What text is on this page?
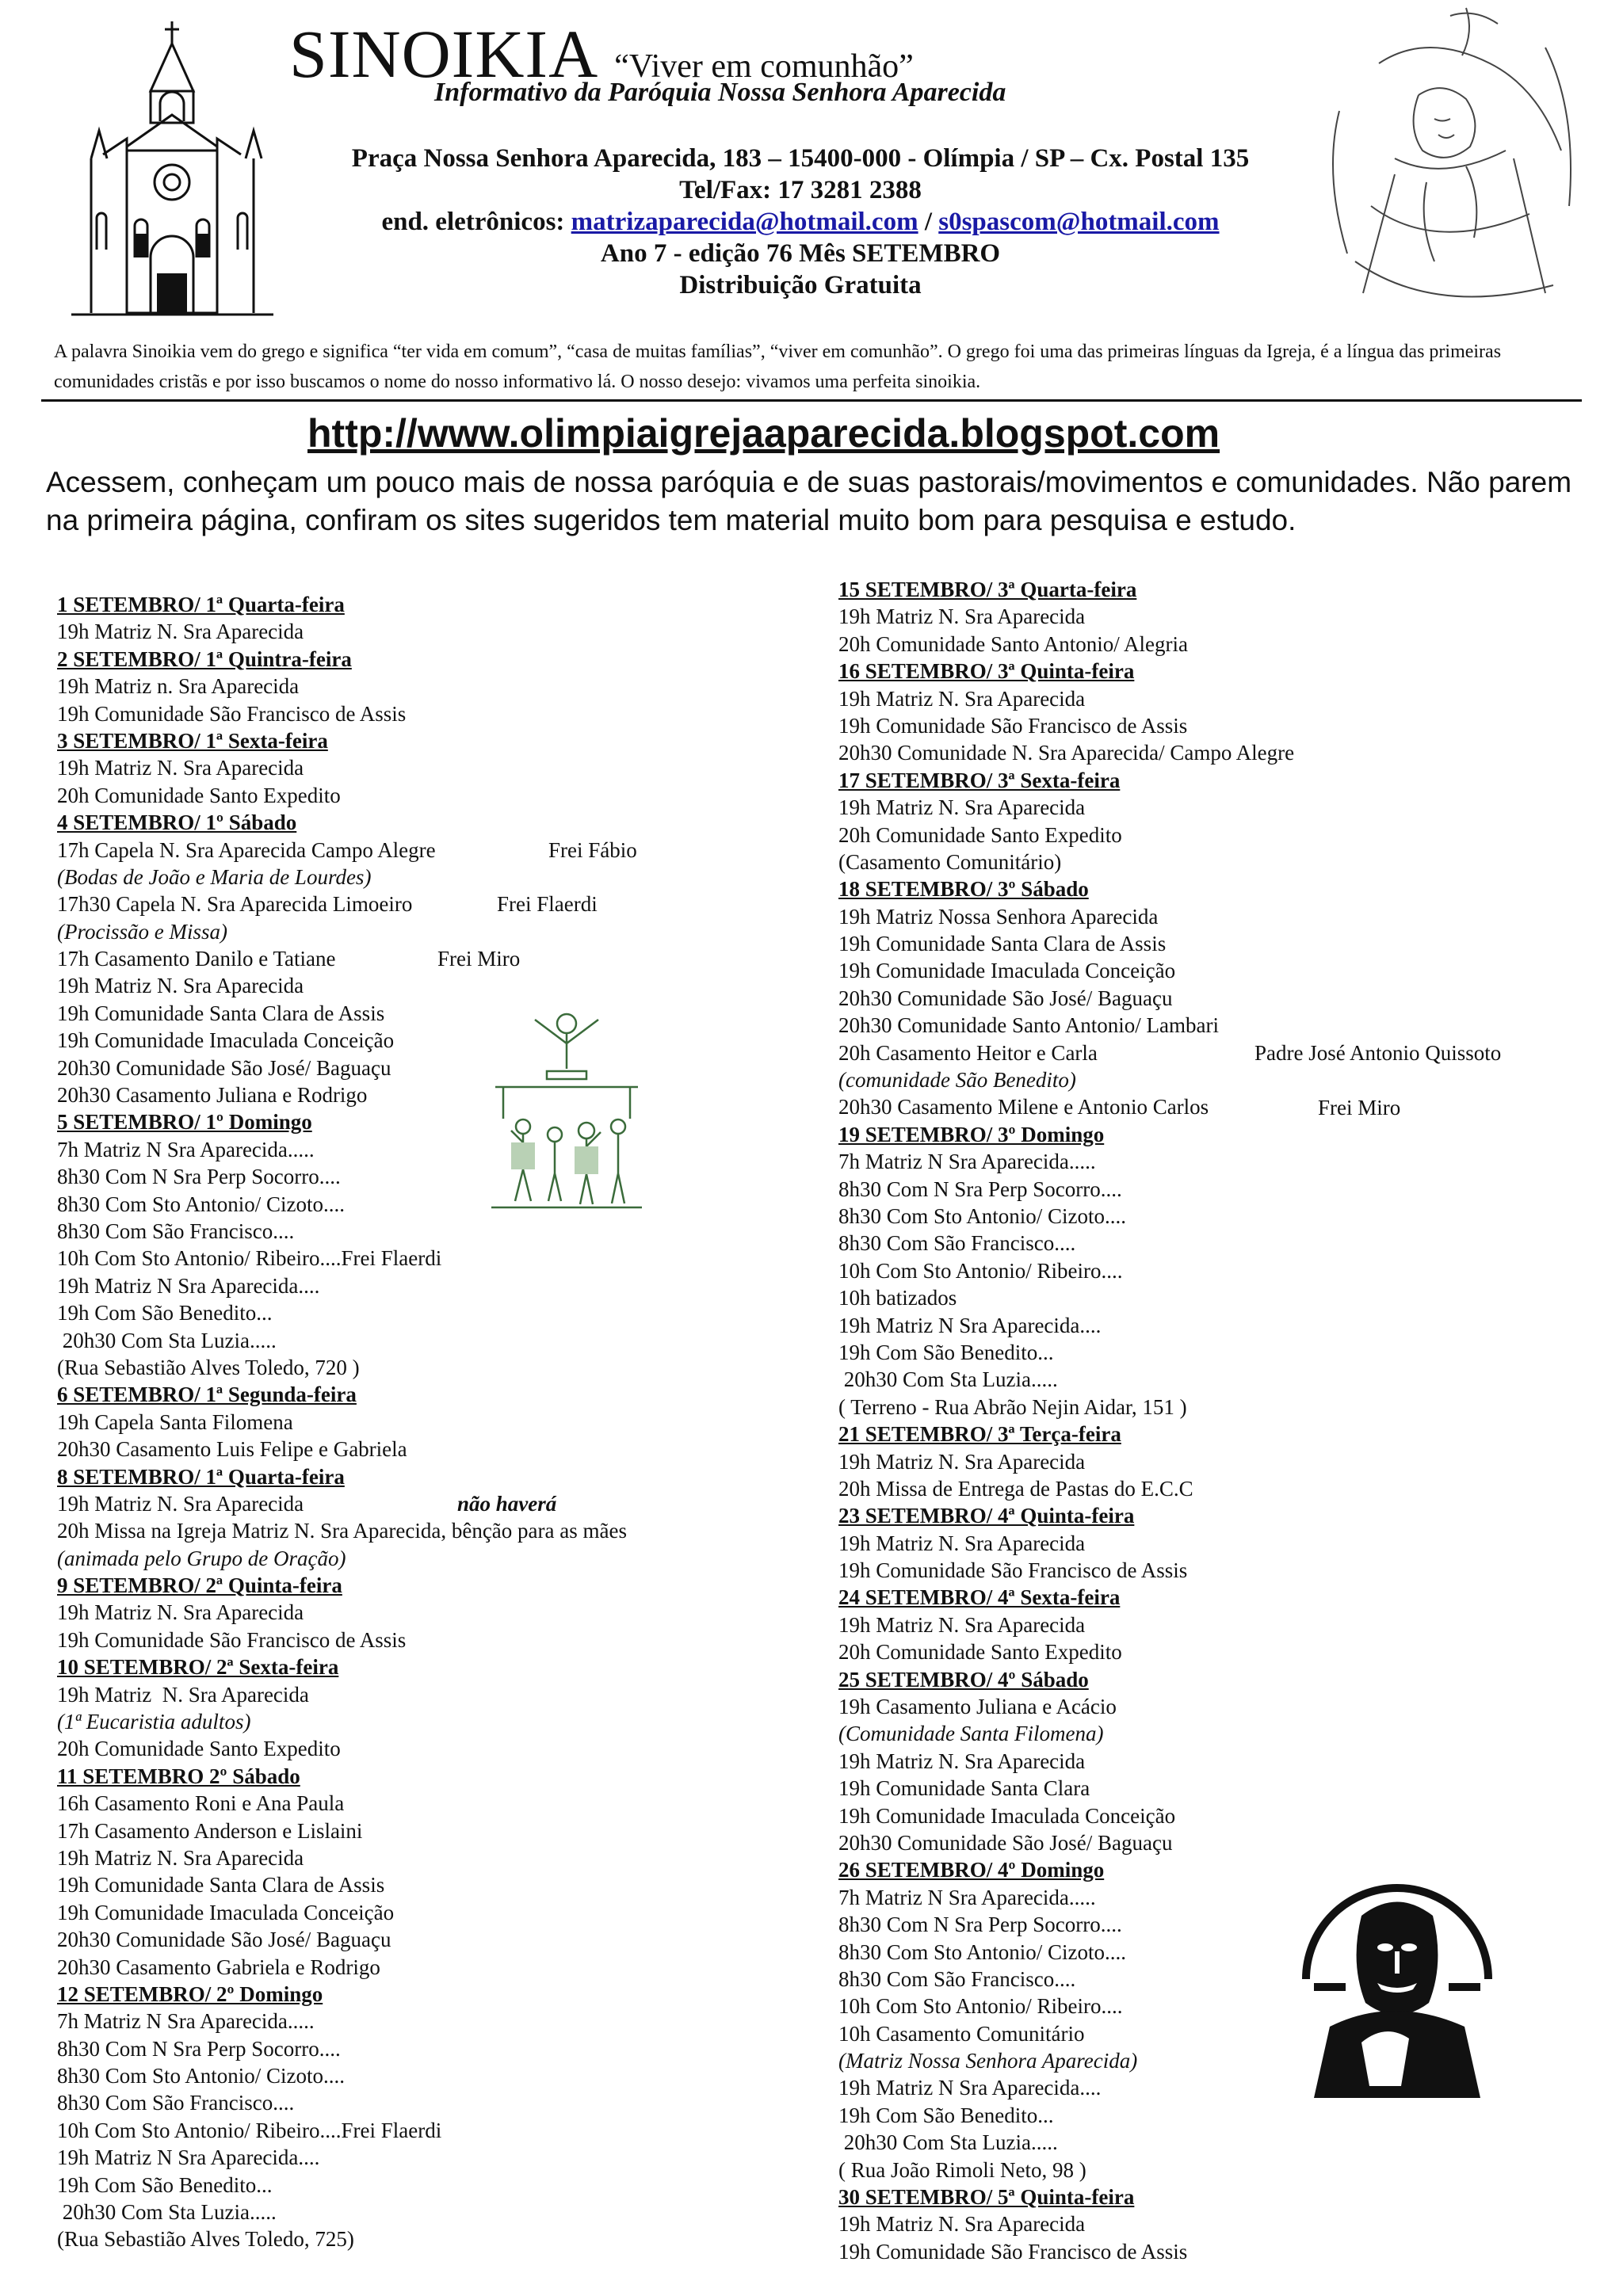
SINOIKIA “Viver em comunhão”
Informativo da Paróquia Nossa Senhora Aparecida
Praça Nossa Senhora Aparecida, 183 – 15400-000 - Olímpia / SP – Cx. Postal 135
Tel/Fax: 17 3281 2388
end. eletrônicos: matrizaparecida@hotmail.com / s0spascom@hotmail.com
Ano 7 - edição 76 Mês SETEMBRO
Distribuição Gratuita
A palavra Sinoikia vem do grego e significa “ter vida em comum”, “casa de muitas famílias”, “viver em comunhão”. O grego foi uma das primeiras línguas da Igreja, é a língua das primeiras comunidades cristãs e por isso buscamos o nome do nosso informativo lá. O nosso desejo: vivamos uma perfeita sinoikia.
http://www.olimpiaigrejaaparecida.blogspot.com
Acessem, conheçam um pouco mais de nossa paróquia e de suas pastorais/movimentos e comunidades. Não parem na primeira página, confiram os sites sugeridos tem material muito bom para pesquisa e estudo.
1 SETEMBRO/ 1ª Quarta-feira
19h Matriz N. Sra Aparecida
2 SETEMBRO/ 1ª Quintra-feira
19h Matriz n. Sra Aparecida
19h Comunidade São Francisco de Assis
3 SETEMBRO/ 1ª Sexta-feira
19h Matriz N. Sra Aparecida
20h Comunidade Santo Expedito
4 SETEMBRO/ 1º Sábado
17h Capela N. Sra Aparecida Campo Alegre	Frei Fábio
(Bodas de João e Maria de Lourdes)
17h30 Capela N. Sra Aparecida Limoeiro	Frei Flaerdi
(Procissão e Missa)
17h Casamento Danilo e Tatiane	Frei Miro
19h Matriz N. Sra Aparecida
19h Comunidade Santa Clara de Assis
19h Comunidade Imaculada Conceição
20h30 Comunidade São José/ Baguaçu
20h30 Casamento Juliana e Rodrigo
5 SETEMBRO/ 1º Domingo
7h Matriz N Sra Aparecida.....
8h30 Com N Sra Perp Socorro....
8h30 Com Sto Antonio/ Cizoto....
8h30 Com São Francisco....
10h Com Sto Antonio/ Ribeiro....Frei Flaerdi
19h Matriz N Sra Aparecida....
19h Com São Benedito...
20h30 Com Sta Luzia.....
(Rua Sebastião Alves Toledo, 720 )
6 SETEMBRO/ 1ª Segunda-feira
19h Capela Santa Filomena
20h30 Casamento Luis Felipe e Gabriela
8 SETEMBRO/ 1ª Quarta-feira
19h Matriz N. Sra Aparecida	não haverá
20h Missa na Igreja Matriz N. Sra Aparecida, bênção para as mães
(animada pelo Grupo de Oração)
9 SETEMBRO/ 2ª Quinta-feira
19h Matriz N. Sra Aparecida
19h Comunidade São Francisco de Assis
10 SETEMBRO/ 2ª Sexta-feira
19h Matriz  N. Sra Aparecida
(1ª Eucaristia adultos)
20h Comunidade Santo Expedito
11 SETEMBRO 2º Sábado
16h Casamento Roni e Ana Paula
17h Casamento Anderson e Lislaini
19h Matriz N. Sra Aparecida
19h Comunidade Santa Clara de Assis
19h Comunidade Imaculada Conceição
20h30 Comunidade São José/ Baguaçu
20h30 Casamento Gabriela e Rodrigo
12 SETEMBRO/ 2º Domingo
7h Matriz N Sra Aparecida.....
8h30 Com N Sra Perp Socorro....
8h30 Com Sto Antonio/ Cizoto....
8h30 Com São Francisco....
10h Com Sto Antonio/ Ribeiro....Frei Flaerdi
19h Matriz N Sra Aparecida....
19h Com São Benedito...
20h30 Com Sta Luzia.....
(Rua Sebastião Alves Toledo, 725)
15 SETEMBRO/ 3ª Quarta-feira
19h Matriz N. Sra Aparecida
20h Comunidade Santo Antonio/ Alegria
16 SETEMBRO/ 3ª Quinta-feira
19h Matriz N. Sra Aparecida
19h Comunidade São Francisco de Assis
20h30 Comunidade N. Sra Aparecida/ Campo Alegre
17 SETEMBRO/ 3ª Sexta-feira
19h Matriz N. Sra Aparecida
20h Comunidade Santo Expedito
(Casamento Comunitário)
18 SETEMBRO/ 3º Sábado
19h Matriz Nossa Senhora Aparecida
19h Comunidade Santa Clara de Assis
19h Comunidade Imaculada Conceição
20h30 Comunidade São José/ Baguaçu
20h30 Comunidade Santo Antonio/ Lambari
20h Casamento Heitor e Carla	Padre José Antonio Quissoto
(comunidade São Benedito)
20h30 Casamento Milene e Antonio Carlos	Frei Miro
19 SETEMBRO/ 3º Domingo
7h Matriz N Sra Aparecida.....
8h30 Com N Sra Perp Socorro....
8h30 Com Sto Antonio/ Cizoto....
8h30 Com São Francisco....
10h Com Sto Antonio/ Ribeiro....
10h batizados
19h Matriz N Sra Aparecida....
19h Com São Benedito...
20h30 Com Sta Luzia.....
( Terreno - Rua Abrão Nejin Aidar, 151 )
21 SETEMBRO/ 3ª Terça-feira
19h Matriz N. Sra Aparecida
20h Missa de Entrega de Pastas do E.C.C
23 SETEMBRO/ 4ª Quinta-feira
19h Matriz N. Sra Aparecida
19h Comunidade São Francisco de Assis
24 SETEMBRO/ 4ª Sexta-feira
19h Matriz N. Sra Aparecida
20h Comunidade Santo Expedito
25 SETEMBRO/ 4º Sábado
19h Casamento Juliana e Acácio
(Comunidade Santa Filomena)
19h Matriz N. Sra Aparecida
19h Comunidade Santa Clara
19h Comunidade Imaculada Conceição
20h30 Comunidade São José/ Baguaçu
26 SETEMBRO/ 4º Domingo
7h Matriz N Sra Aparecida.....
8h30 Com N Sra Perp Socorro....
8h30 Com Sto Antonio/ Cizoto....
8h30 Com São Francisco....
10h Com Sto Antonio/ Ribeiro....
10h Casamento Comunitário
(Matriz Nossa Senhora Aparecida)
19h Matriz N Sra Aparecida....
19h Com São Benedito...
20h30 Com Sta Luzia.....
( Rua João Rimoli Neto, 98 )
30 SETEMBRO/ 5ª Quinta-feira
19h Matriz N. Sra Aparecida
19h Comunidade São Francisco de Assis
